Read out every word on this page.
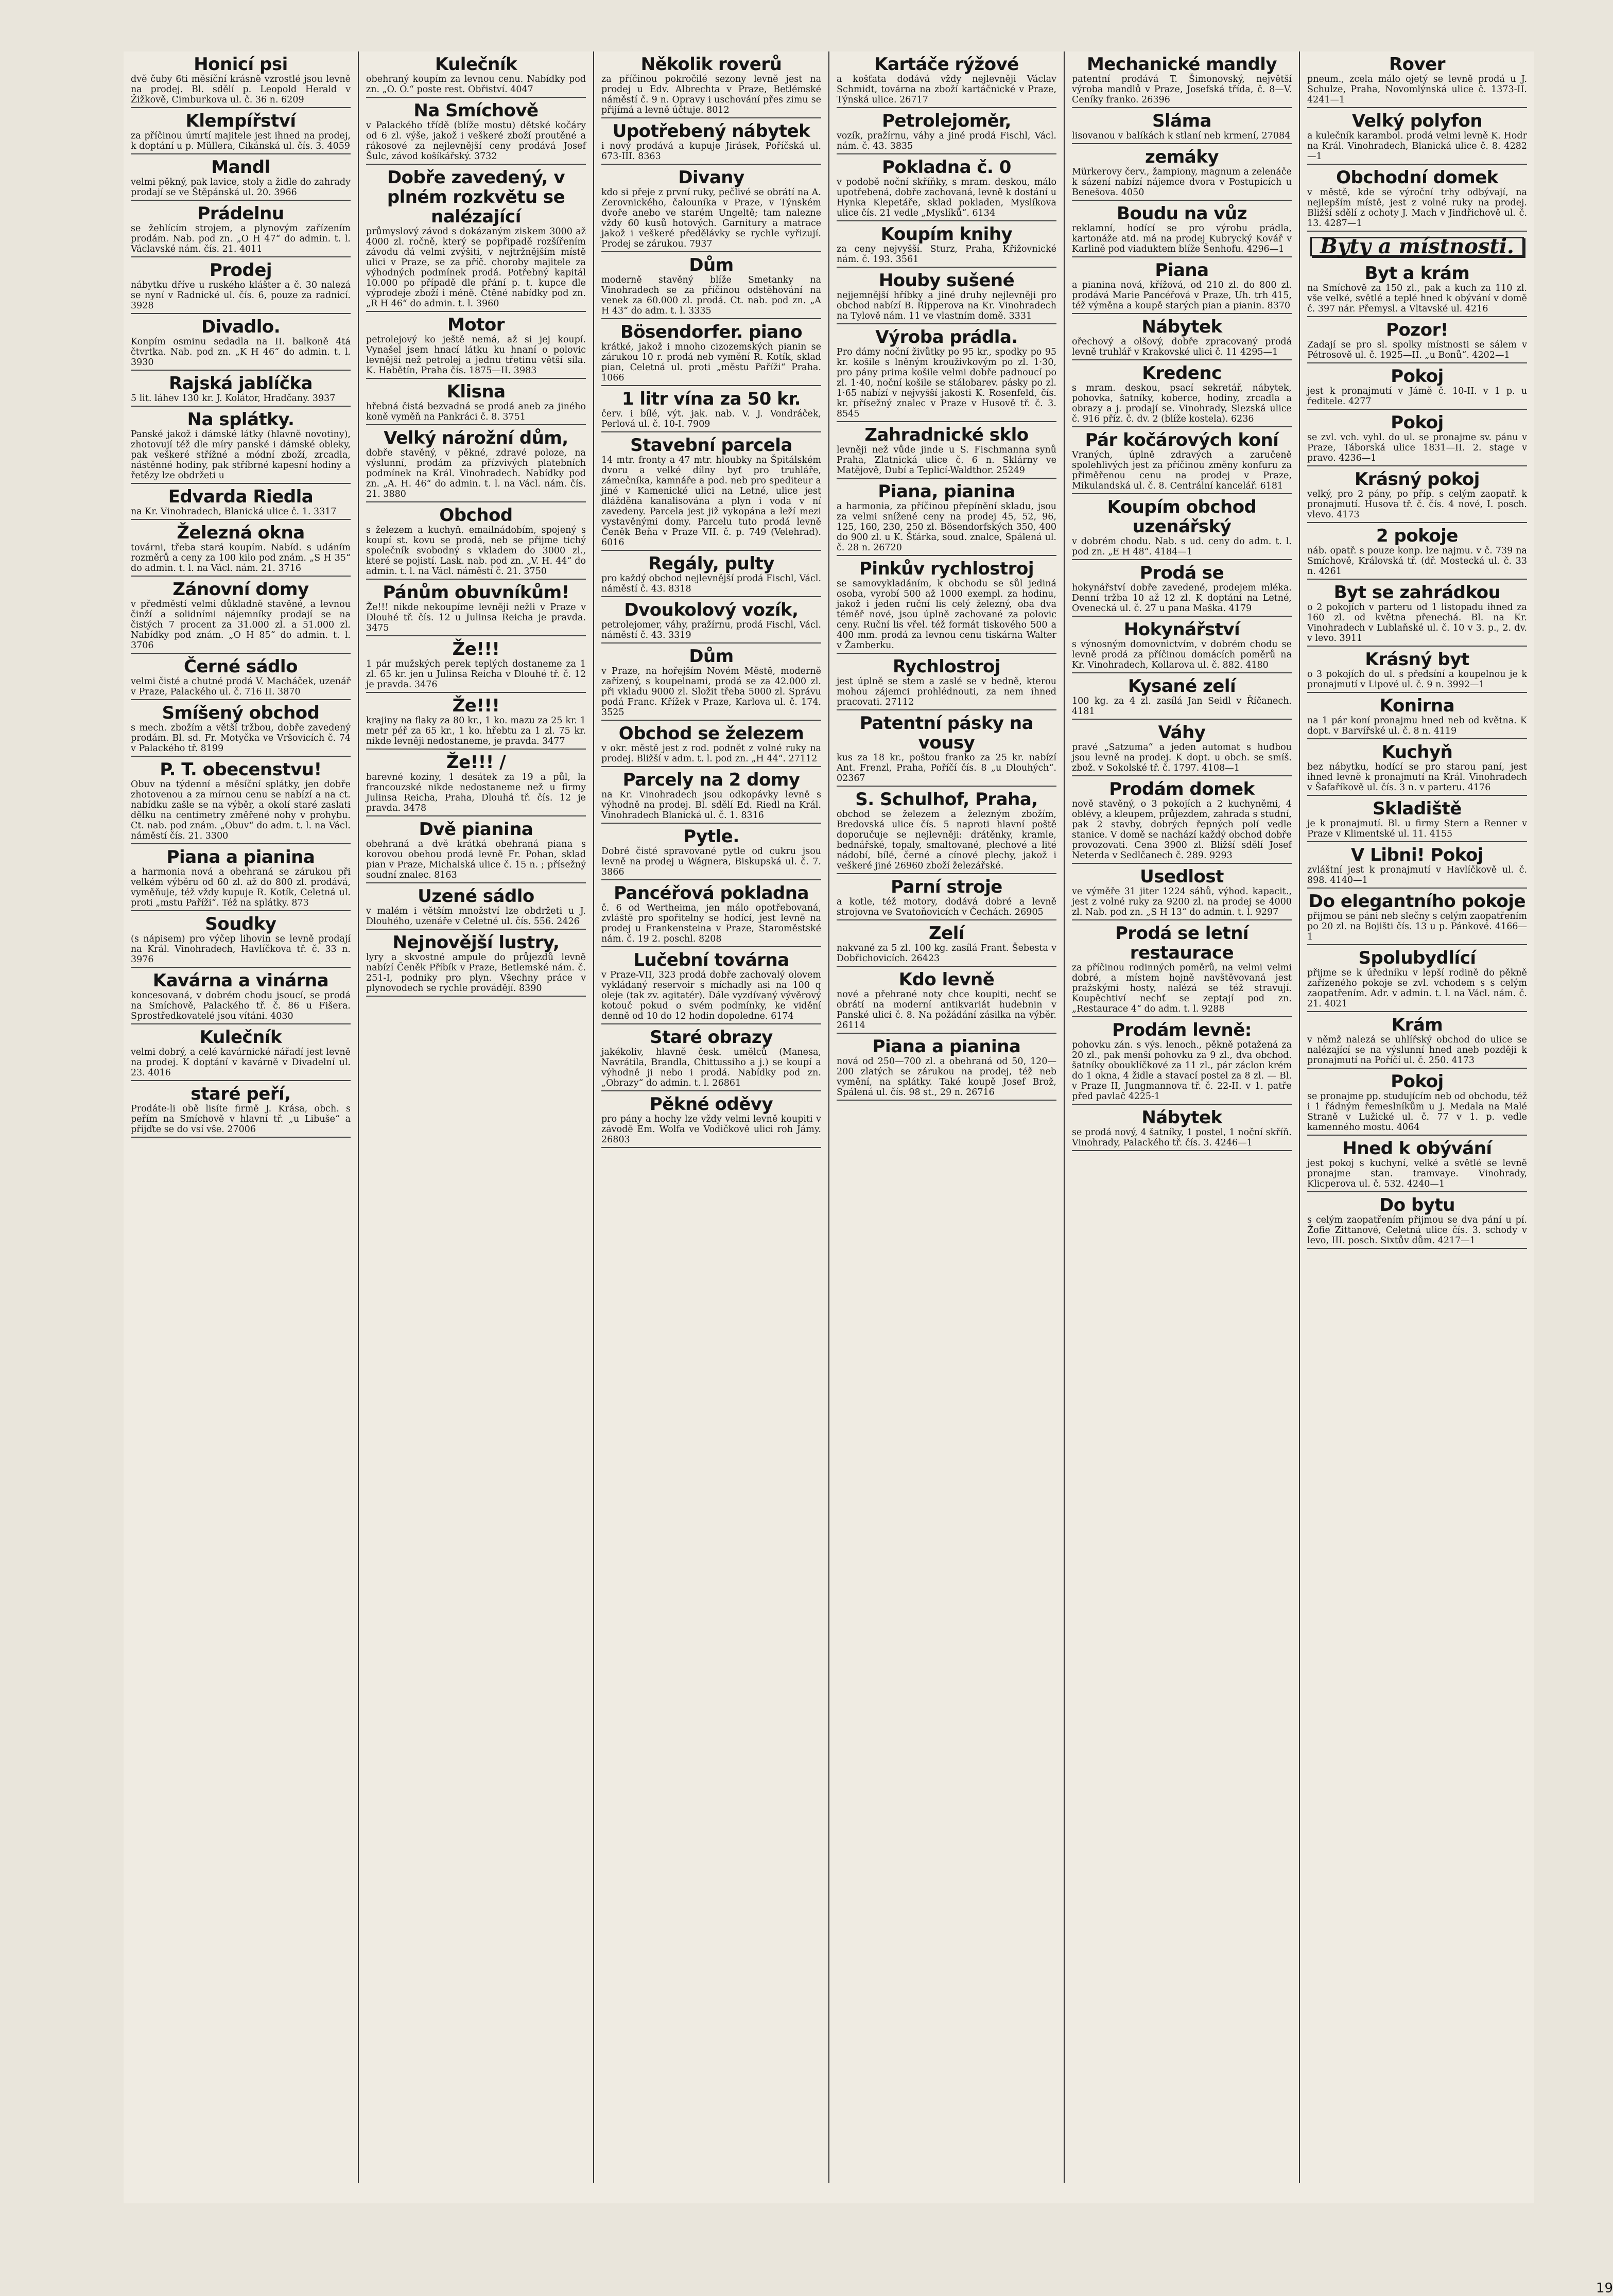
Honicí psi

dvě čuby 6ti měsíční krásně vzrostlé jsou levně na prodej. Bl. sdělí p. Leopold Herald v Žižkově, Cimburkova ul. č. 36 n. 6209

Klempířství

za příčinou úmrtí majitele jest ihned na prodej, k doptání u p. Müllera, Cikánská ul. čís. 3. 4059

Mandl

velmi pěkný, pak lavice, stoly a židle do zahrady prodají se ve Štěpánská ul. 20. 3966

Prádelnu

se žehlícím strojem, a plynovým zařízením prodám. Nab. pod zn. „O H 47“ do admin. t. l. Václavské nám. čís. 21. 4011

Prodej

nábytku dříve u ruského klášter a č. 30 nalezá se nyní v Radnické ul. čís. 6, pouze za radnicí. 3928

Divadlo.

Konpím osminu sedadla na II. balkoně 4tá čtvrtka. Nab. pod zn. „K H 46“ do admin. t. l. 3930

Rajská jablíčka

5 lit. láhev 130 kr. J. Kolátor, Hradčany. 3937

Na splátky.

Panské jakož i dámské látky (hlavně novotiny), zhotovují též dle míry panské i dámské obleky, pak veškeré střížné a módní zboží, zrcadla, nástěnné hodiny, pak stříbrné kapesní hodiny a řetězy lze obdržeti u

Edvarda Riedla

na Kr. Vinohradech, Blanická ulice č. 1. 3317

Železná okna

továrni, třeba stará koupím. Nabíd. s udáním rozměrů a ceny za 100 kilo pod znám. „S H 35“ do admin. t. l. na Václ. nám. 21. 3716

Zánovní domy

v předměstí velmi důkladně stavěné, a levnou činží a solidními nájemníky prodají se na čistých 7 procent za 31.000 zl. a 51.000 zl. Nabídky pod znám. „O H 85“ do admin. t. l. 3706

Černé sádlo

velmi čisté a chutné prodá V. Macháček, uzenář v Praze, Palackého ul. č. 716 II. 3870

Smíšený obchod

s mech. zbožím a větší tržbou, dobře zavedený prodám. Bl. sd. Fr. Motyčka ve Vršovicích č. 74 v Palackého tř. 8199

P. T. obecenstvu!

Obuv na týdenní a měsíční splátky, jen dobře zhotovenou a za mírnou cenu se nabízí a na ct. nabídku zašle se na výběr, a okolí staré zaslati dělku na centimetry změřené nohy v prohybu. Ct. nab. pod znám. „Obuv“ do adm. t. l. na Václ. náměstí čís. 21. 3300

Piana a pianina

a harmonia nová a obehraná se zárukou při velkém výběru od 60 zl. až do 800 zl. prodává, vyměňuje, též vždy kupuje R. Kotík, Celetná ul. proti „mstu Paříži“. Též na splátky. 873

Soudky

(s nápisem) pro výčep lihovin se levně prodají na Král. Vinohradech, Havlíčkova tř. č. 33 n. 3976

Kavárna a vinárna

koncesovaná, v dobrém chodu jsoucí, se prodá na Smíchově, Palackého tř. č. 86 u Fišera. Sprostředkovatelé jsou vítáni. 4030

Kulečník

velmi dobrý, a celé kavárnické nářadí jest levně na prodej. K doptání v kavárně v Divadelní ul. 23. 4016

staré peří,

Prodáte-li obě lisíte firmě J. Krása, obch. s peřím na Smíchově v hlavní tř. „u Libuše“ a přijďte se do vsí vše. 27006

Kulečník

obehraný koupím za levnou cenu. Nabídky pod zn. „O. O.“ poste rest. Obřiství. 4047

Na Smíchově

v Palackého třídě (blíže mostu) dětské kočáry od 6 zl. výše, jakož i veškeré zboží proutěné a rákosové za nejlevnější ceny prodává Josef Šulc, závod košíkářský. 3732

Dobře zavedený, v plném rozkvětu se nalézající

průmyslový závod s dokázaným ziskem 3000 až 4000 zl. ročně, který se popřipadě rozšířením závodu dá velmi zvýšiti, v nejtržnějším místě ulici v Praze, se za příč. choroby majitele za výhodných podmínek prodá. Potřebný kapitál 10.000 po případě dle přání p. t. kupce dle výprodeje zboží i méně. Ctěné nabídky pod zn. „R H 46“ do admin. t. l. 3960

Motor

petrolejový ko ještě nemá, až si jej koupí. Vynašel jsem hnací látku ku hnaní o polovic levnější než petrolej a jednu třetinu větší síla. K. Habětín, Praha čís. 1875—II. 3983

Klisna

hřebná čistá bezvadná se prodá aneb za jiného koně vyměň na Pankráci č. 8. 3751

Velký nárožní dům,

dobře stavěný, v pěkné, zdravé poloze, na výslunní, prodám za přízvivých platebních podmínek na Král. Vinohradech. Nabídky pod zn. „A. H. 46“ do admin. t. l. na Václ. nám. čís. 21. 3880

Obchod

s železem a kuchyň. emailnádobím, spojený s koupí st. kovu se prodá, neb se přijme tichý společník svobodný s vkladem do 3000 zl., které se pojistí. Lask. nab. pod zn. „V. H. 44“ do admin. t. l. na Václ. náměstí č. 21. 3750

Pánům obuvníkům!

Že!!! nikde nekoupíme levněji nežli v Praze v Dlouhé tř. čís. 12 u Julinsa Reicha je pravda. 3475

Že!!!

1 pár mužských perek teplých dostaneme za 1 zl. 65 kr. jen u Julinsa Reicha v Dlouhé tř. č. 12 je pravda. 3476

Že!!!

krajiny na flaky za 80 kr., 1 ko. mazu za 25 kr. 1 metr péř za 65 kr., 1 ko. hřebtu za 1 zl. 75 kr. nikde levněji nedostaneme, je pravda. 3477

Že!!! /

barevné koziny, 1 desátek za 19 a půl, la francouzské nikde nedostaneme než u firmy Julinsa Reicha, Praha, Dlouhá tř. čís. 12 je pravda. 3478

Dvě pianina

obehraná a dvě krátká obehraná piana s korovou obehou prodá levně Fr. Pohan, sklad pian v Praze, Michalská ulice č. 15 n. ; přísežný soudní znalec. 8163

Uzené sádlo

v malém i větším množství lze obdržeti u J. Dlouhého, uzenáře v Celetné ul. čís. 556. 2426

Nejnovější lustry,

lyry a skvostné ampule do průjezdů levně nabízí Čeněk Příbík v Praze, Betlemské nám. č. 251-I, podniky pro plyn. Všechny práce v plynovodech se rychle provádějí. 8390

Několik roverů

za příčinou pokročilé sezony levně jest na prodej u Edv. Albrechta v Praze, Betlémské náměstí č. 9 n. Opravy i uschování přes zimu se přijímá a levně účtuje. 8012

Upotřebený nábytek

i nový prodává a kupuje Jirásek, Poříčská ul. 673-III. 8363

Divany

kdo si přeje z první ruky, pečlivé se obrátí na A. Zerovnického, čalouníka v Praze, v Týnském dvoře anebo ve starém Ungeltě; tam nalezne vždy 60 kusů hotových. Garnitury a matrace jakož i veškeré předělávky se rychle vyřizují. Prodej se zárukou. 7937

Dům

moderně stavěný blíže Smetanky na Vinohradech se za příčinou odstěhování na venek za 60.000 zl. prodá. Ct. nab. pod zn. „A H 43“ do adm. t. l. 3335

Bösendorfer. piano

krátké, jakož i mnoho cizozemských pianin se zárukou 10 r. prodá neb vymění R. Kotík, sklad pian, Celetná ul. proti „městu Paříži“ Praha. 1066

1 litr vína za 50 kr.

červ. i bílé, výt. jak. nab. V. J. Vondráček, Perlová ul. č. 10-I. 7909

Stavební parcela

14 mtr. fronty a 47 mtr. hloubky na Špitálském dvoru a velké dílny byť pro truhláře, zámečníka, kamnáře a pod. neb pro spediteur a jiné v Kamenické ulici na Letné, ulice jest dlážděna kanalisována a plyn i voda v ní zavedeny. Parcela jest již vykopána a leží mezi vystavěnými domy. Parcelu tuto prodá levně Čeněk Beňa v Praze VII. č. p. 749 (Velehrad). 6016

Regály, pulty

pro každý obchod nejlevnější prodá Fischl, Václ. náměstí č. 43. 8318

Dvoukolový vozík,

petrolejomer, váhy, pražírnu, prodá Fischl, Václ. náměstí č. 43. 3319

Dům

v Praze, na hořejším Novém Městě, moderně zařízený, s koupelnami, prodá se za 42.000 zl. při vkladu 9000 zl. Složit třeba 5000 zl. Správu podá Franc. Křížek v Praze, Karlova ul. č. 174. 3525

Obchod se železem

v okr. městě jest z rod. podnět z volné ruky na prodej. Bližší v adm. t. l. pod zn. „H 44“. 27112

Parcely na 2 domy

na Kr. Vinohradech jsou odkopávky levně s výhodně na prodej. Bl. sdělí Ed. Riedl na Král. Vinohradech Blanická ul. č. 1. 8316

Pytle.

Dobré čisté spravované pytle od cukru jsou levně na prodej u Wágnera, Biskupská ul. č. 7. 3866

Pancéřová pokladna

č. 6 od Wertheima, jen málo opotřebovaná, zvláště pro spořitelny se hodící, jest levně na prodej u Frankensteina v Praze, Staroměstské nám. č. 19 2. poschl. 8208

Lučební továrna

v Praze-VII, 323 prodá dobře zachovalý olovem vykládaný reservoir s míchadly asi na 100 q oleje (tak zv. agitatér). Dále vyzdívaný vývěrový kotouč pokud o svém podmínky, ke vidění denně od 10 do 12 hodin dopoledne. 6174

Staré obrazy

jakékoliv, hlavně česk. umělců (Manesa, Navrátila, Brandla, Chittussiho a j.) se koupí a výhodně ji nebo i prodá. Nabídky pod zn. „Obrazy“ do admin. t. l. 26861

Pěkné oděvy

pro pány a hochy lze vždy velmi levně koupiti v závodě Em. Wolfa ve Vodičkově ulici roh Jámy. 26803

Kartáče rýžové

a košťata dodává vždy nejlevněji Václav Schmidt, továrna na zboží kartáčnické v Praze, Týnská ulice. 26717

Petrolejoměr,

vozík, pražírnu, váhy a jiné prodá Fischl, Václ. nám. č. 43. 3835

Pokladna č. 0

v podobě noční skříňky, s mram. deskou, málo upotřebená, dobře zachovaná, levně k dostání u Hynka Klepetáře, sklad pokladen, Myslíkova ulice čís. 21 vedle „Myslíků“. 6134

Koupím knihy

za ceny nejvyšší. Sturz, Praha, Křižovnické nám. č. 193. 3561

Houby sušené

nejjemnější hříbky a jiné druhy nejlevněji pro obchod nabízí B. Řipperova na Kr. Vinohradech na Tylově nám. 11 ve vlastním domě. 3331

Výroba prádla.

Pro dámy noční živůtky po 95 kr., spodky po 95 kr. košile s lněným krouživkovým po zl. 1·30, pro pány prima košile velmi dobře padnoucí po zl. 1·40, noční košile se stálobarev. pásky po zl. 1·65 nabízí v nejvyšší jakosti K. Rosenfeld, čís. kr. přísežný znalec v Praze v Husově tř. č. 3. 8545

Zahradnické sklo

levněji než vůde jinde u S. Fischmanna synů Praha, Zlatnická ulice č. 6 n. Sklárny ve Matějově, Dubí a Teplicí-Waldthor. 25249

Piana, pianina

a harmonia, za příčinou přepínění skladu, jsou za velmi snížené ceny na prodej 45, 52, 96, 125, 160, 230, 250 zl. Bösendorfských 350, 400 do 900 zl. u K. Šťárka, soud. znalce, Spálená ul. č. 28 n. 26720

Pinkův rychlostroj

se samovykladáním, k obchodu se sůl jediná osoba, vyrobí 500 až 1000 exempl. za hodinu, jakož i jeden ruční lis celý železný, oba dva téměř nové, jsou úplně zachované za polovic ceny. Ruční lis vřel. též formát tiskového 500 a 400 mm. prodá za levnou cenu tiskárna Walter v Žamberku.

Rychlostroj

jest úplně se stem a zaslé se v bedně, kterou mohou zájemci prohlédnouti, za nem ihned pracovati. 27112

Patentní pásky na vousy

kus za 18 kr., poštou franko za 25 kr. nabízí Ant. Frenzl, Praha, Poříčí čís. 8 „u Dlouhých“. 02367

S. Schulhof, Praha,

obchod se železem a železným zbožím, Bredovská ulice čís. 5 naproti hlavní poště doporučuje se nejlevněji: drátěnky, kramle, bednářské, topaly, smaltované, plechové a lité nádobí, bílé, černé a cínové plechy, jakož i veškeré jiné 26960 zboží železářské.

Parní stroje

a kotle, též motory, dodává dobré a levně strojovna ve Svatoňovicích v Čechách. 26905

Zelí

nakvané za 5 zl. 100 kg. zasílá Frant. Šebesta v Dobřichovicích. 26423

Kdo levně

nové a přehrané noty chce koupiti, nechť se obrátí na moderní antikvariát hudebnin v Panské ulici č. 8. Na požádání zásilka na výběr. 26114

Piana a pianina

nová od 250—700 zl. a obehraná od 50, 120—200 zlatých se zárukou na prodej, též neb vymění, na splátky. Také koupě Josef Brož, Spálená ul. čís. 98 st., 29 n. 26716

Mechanické mandly

patentní prodává T. Šimonovský, největší výroba mandlů v Praze, Josefská třída, č. 8—V. Ceníky franko. 26396

Sláma

lisovanou v balíkách k stlaní neb krmení, 27084

zemáky

Mürkerovy červ., žampiony, magnum a zelenáče k sázení nabízí nájemce dvora v Postupicích u Benešova. 4050

Boudu na vůz

reklamní, hodící se pro výrobu prádla, kartonáže atd. má na prodej Kubrycký Kovář v Karlině pod viaduktem blíže Šenhofu. 4296—1

Piana

a pianina nová, křížová, od 210 zl. do 800 zl. prodává Marie Pancéřová v Praze, Uh. trh 415, též výměna a koupě starých pian a pianin. 8370

Nábytek

ořechový a olšový, dobře zpracovaný prodá levně truhlář v Krakovské ulici č. 11 4295—1

Kredenc

s mram. deskou, psací sekretář, nábytek, pohovka, šatníky, koberce, hodiny, zrcadla a obrazy a j. prodají se. Vinohrady, Slezská ulice č. 916 příz. č. dv. 2 (blíže kostela). 6236

Pár kočárových koní

Vraných, úplně zdravých a zaručeně spolehlivých jest za příčinou změny konfuru za přiměřenou cenu na prodej v Praze, Mikulandská ul. č. 8. Centrální kancelář. 6181

Koupím obchod uzenářský

v dobrém chodu. Nab. s ud. ceny do adm. t. l. pod zn. „E H 48“. 4184—1

Prodá se

hokynářství dobře zavedené, prodejem mléka. Denní tržba 10 až 12 zl. K doptání na Letné, Ovenecká ul. č. 27 u pana Maška. 4179

Hokynářství

s výnosným domovnictvím, v dobrém chodu se levně prodá za příčinou domácích poměrů na Kr. Vinohradech, Kollarova ul. č. 882. 4180

Kysané zelí

100 kg. za 4 zl. zasílá Jan Seidl v Říčanech. 4181

Váhy

pravé „Satzuma“ a jeden automat s hudbou jsou levně na prodej. K dopt. u obch. se smíš. zbož. v Sokolské tř. č. 1797. 4108—1

Prodám domek

nově stavěný, o 3 pokojích a 2 kuchyněmi, 4 oblévy, a kleupem, průjezdem, zahrada s studní, pak 2 stavby, dobrých řepných polí vedle stanice. V domě se nachází každý obchod dobře provozovati. Cena 3900 zl. Bližší sdělí Josef Neterda v Sedlčanech č. 289. 9293

Usedlost

ve výměře 31 jiter 1224 sáhů, výhod. kapacit., jest z volné ruky za 9200 zl. na prodej se 4000 zl. Nab. pod zn. „S H 13“ do admin. t. l. 9297

Prodá se letní restaurace

za příčinou rodinných poměrů, na velmi velmi dobré, a místem hojně navštěvovaná jest pražskými hosty, nalézá se též stravují. Koupěchtiví nechť se zeptají pod zn. „Restaurace 4“ do adm. t. l. 9288

Prodám levně:

pohovku zán. s výs. lenoch., pěkně potažená za 20 zl., pak menší pohovku za 9 zl., dva obchod. šatníky obouklíčkové za 11 zl., pár záclon krém do 1 okna, 4 židle a stavací postel za 8 zl. — Bl. v Praze II, Jungmannova tř. č. 22-II. v 1. patře před pavlač 4225-1

Nábytek

se prodá nový, 4 šatníky, 1 postel, 1 noční skříň. Vinohrady, Palackého tř. čís. 3. 4246—1

Rover

pneum., zcela málo ojetý se levně prodá u J. Schulze, Praha, Novomlýnská ulice č. 1373-II. 4241—1

Velký polyfon

a kulečník karambol. prodá velmi levně K. Hodr na Král. Vinohradech, Blanická ulice č. 8. 4282—1

Obchodní domek

v městě, kde se výroční trhy odbývají, na nejlepším místě, jest z volné ruky na prodej. Bližší sdělí z ochoty J. Mach v Jindřichově ul. č. 13. 4287—1

Byty a místnosti.
Byt a krám

na Smíchově za 150 zl., pak a kuch za 110 zl. vše velké, světlé a teplé hned k obývání v domě č. 397 nár. Přemysl. a Vltavské ul. 4216

Pozor!

Zadají se pro sl. spolky místnosti se sálem v Pétrosově ul. č. 1925—II. „u Bonů“. 4202—1

Pokoj

jest k pronajmutí v Jámě č. 10-II. v 1 p. u ředitele. 4277

Pokoj

se zvl. vch. vyhl. do ul. se pronajme sv. pánu v Praze, Táborská ulice 1831—II. 2. stage v pravo. 4236—1

Krásný pokoj

velký, pro 2 pány, po příp. s celým zaopatř. k pronajmutí. Husova tř. č. čís. 4 nové, I. posch. vlevo. 4173

2 pokoje

náb. opatř. s pouze konp. lze najmu. v č. 739 na Smíchově, Královská tř. (dř. Mostecká ul. č. 33 n. 4261

Byt se zahrádkou

o 2 pokojích v parteru od 1 listopadu ihned za 160 zl. od května přenechá. Bl. na Kr. Vinohradech v Lublaňské ul. č. 10 v 3. p., 2. dv. v levo. 3911

Krásný byt

o 3 pokojích do ul. s předsíní a koupelnou je k pronajmutí v Lipové ul. č. 9 n. 3992—1

Konirna

na 1 pár koní pronajmu hned neb od května. K dopt. v Barvířské ul. č. 8 n. 4119

Kuchyň

bez nábytku, hodící se pro starou paní, jest ihned levně k pronajmutí na Král. Vinohradech v Šafaříkově ul. čís. 3 n. v parteru. 4176

Skladiště

je k pronajmutí. Bl. u firmy Stern a Renner v Praze v Klimentské ul. 11. 4155

V Libni! Pokoj

zvláštní jest k pronajmutí v Havlíčkově ul. č. 898. 4140—1

Do elegantního pokoje

přijmou se páni neb slečny s celým zaopatřením po 20 zl. na Bojišti čís. 13 u p. Pánkové. 4166—1

Spolubydlící

přijme se k úředníku v lepší rodině do pěkně zařízeného pokoje se zvl. vchodem s s celým zaopatřením. Adr. v admin. t. l. na Václ. nám. č. 21. 4021

Krám

v němž nalezá se uhlířský obchod do ulice se nalézající se na výslunní hned aneb později k pronajmutí na Poříčí ul. č. 250. 4173

Pokoj

se pronajme pp. studujícím neb od obchodu, též i 1 řádným řemeslníkům u J. Medala na Malé Straně v Lužické ul. č. 77 v 1. p. vedle kamenného mostu. 4064

Hned k obývání

jest pokoj s kuchyní, velké a světlé se levně pronajme stan. tramvaye. Vinohrady, Klicperova ul. č. 532. 4240—1

Do bytu

s celým zaopatřením přijmou se dva pání u pí. Žofie Zittanové, Celetná ulice čís. 3. schody v levo, III. posch. Sixtův dům. 4217—1

19
